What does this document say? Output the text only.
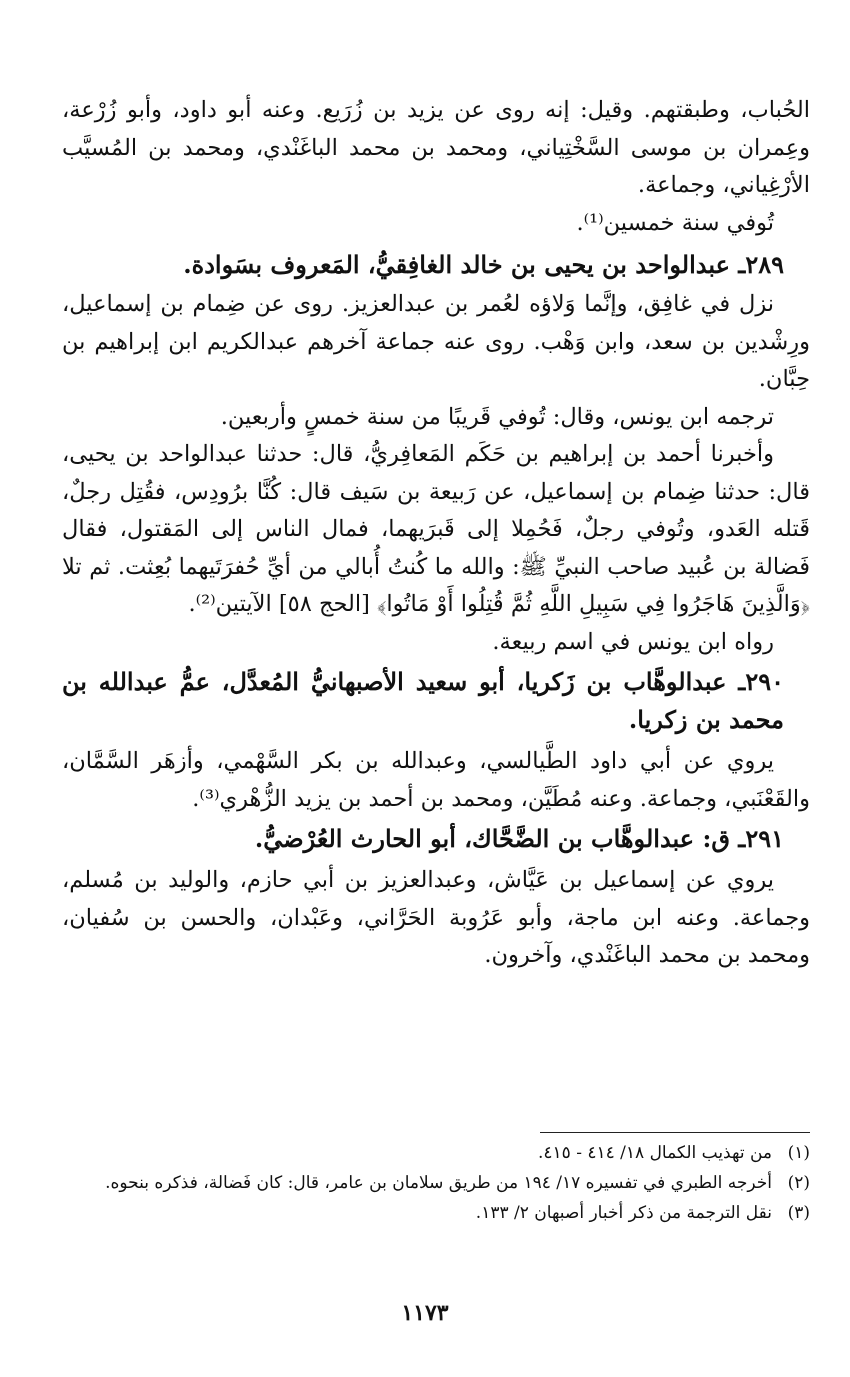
الحُباب، وطبقتهم. وقيل: إنه روى عن يزيد بن زُرَيع. وعنه أبو داود، وأبو زُرْعة، وعِمران بن موسى السَّخْتِياني، ومحمد بن محمد الباغَنْدي، ومحمد بن المُسيَّب الأرْغِياني، وجماعة.

تُوفي سنة خمسين⁽¹⁾.

٢٨٩ـ عبدالواحد بن يحيى بن خالد الغافِقيُّ، المَعروف بسَوادة.

نزل في غافِق، وإنَّما وَلاؤه لعُمر بن عبدالعزيز. روى عن ضِمام بن إسماعيل، ورِشْدين بن سعد، وابن وَهْب. روى عنه جماعة آخرهم عبدالكريم ابن إبراهيم بن حِبَّان.

ترجمه ابن يونس، وقال: تُوفي قَريبًا من سنة خمسٍ وأربعين.

وأخبرنا أحمد بن إبراهيم بن حَكَم المَعافِريُّ، قال: حدثنا عبدالواحد بن يحيى، قال: حدثنا ضِمام بن إسماعيل، عن رَبيعة بن سَيف قال: كُنَّا برُودِس، فقُتِل رجلٌ، قَتله العَدو، وتُوفي رجلٌ، فَحُمِلا إلى قَبرَيهما، فمال الناس إلى المَقتول، فقال فَضالة بن عُبيد صاحب النبيِّ ﷺ: والله ما كُنتُ أُبالي من أيِّ حُفرَتَيهما بُعِثت. ثم تلا ﴿وَالَّذِينَ هَاجَرُوا فِي سَبِيلِ اللَّهِ ثُمَّ قُتِلُوا أَوْ مَاتُوا﴾ [الحج ٥٨] الآيتين⁽²⁾.

رواه ابن يونس في اسم ربيعة.

٢٩٠ـ عبدالوهَّاب بن زَكريا، أبو سعيد الأصبهانيُّ المُعدَّل، عمُّ عبدالله بن محمد بن زكريا.

يروي عن أبي داود الطَّيالسي، وعبدالله بن بكر السَّهْمي، وأزهَر السَّمَّان، والقَعْنَبي، وجماعة. وعنه مُطَيَّن، ومحمد بن أحمد بن يزيد الزُّهْري⁽³⁾.

٢٩١ـ ق: عبدالوهَّاب بن الضَّحَّاك، أبو الحارث العُرْضيُّ.

يروي عن إسماعيل بن عَيَّاش، وعبدالعزيز بن أبي حازم، والوليد بن مُسلم، وجماعة. وعنه ابن ماجة، وأبو عَرُوبة الحَرَّاني، وعَبْدان، والحسن بن سُفيان، ومحمد بن محمد الباغَنْدي، وآخرون.

(١)
من تهذيب الكمال ١٨/ ٤١٤ - ٤١٥.
(٢)
أخرجه الطبري في تفسيره ١٧/ ١٩٤ من طريق سلامان بن عامر، قال: كان فَضالة، فذكره بنحوه.
(٣)
نقل الترجمة من ذكر أخبار أصبهان ٢/ ١٣٣.
١١٧٣
